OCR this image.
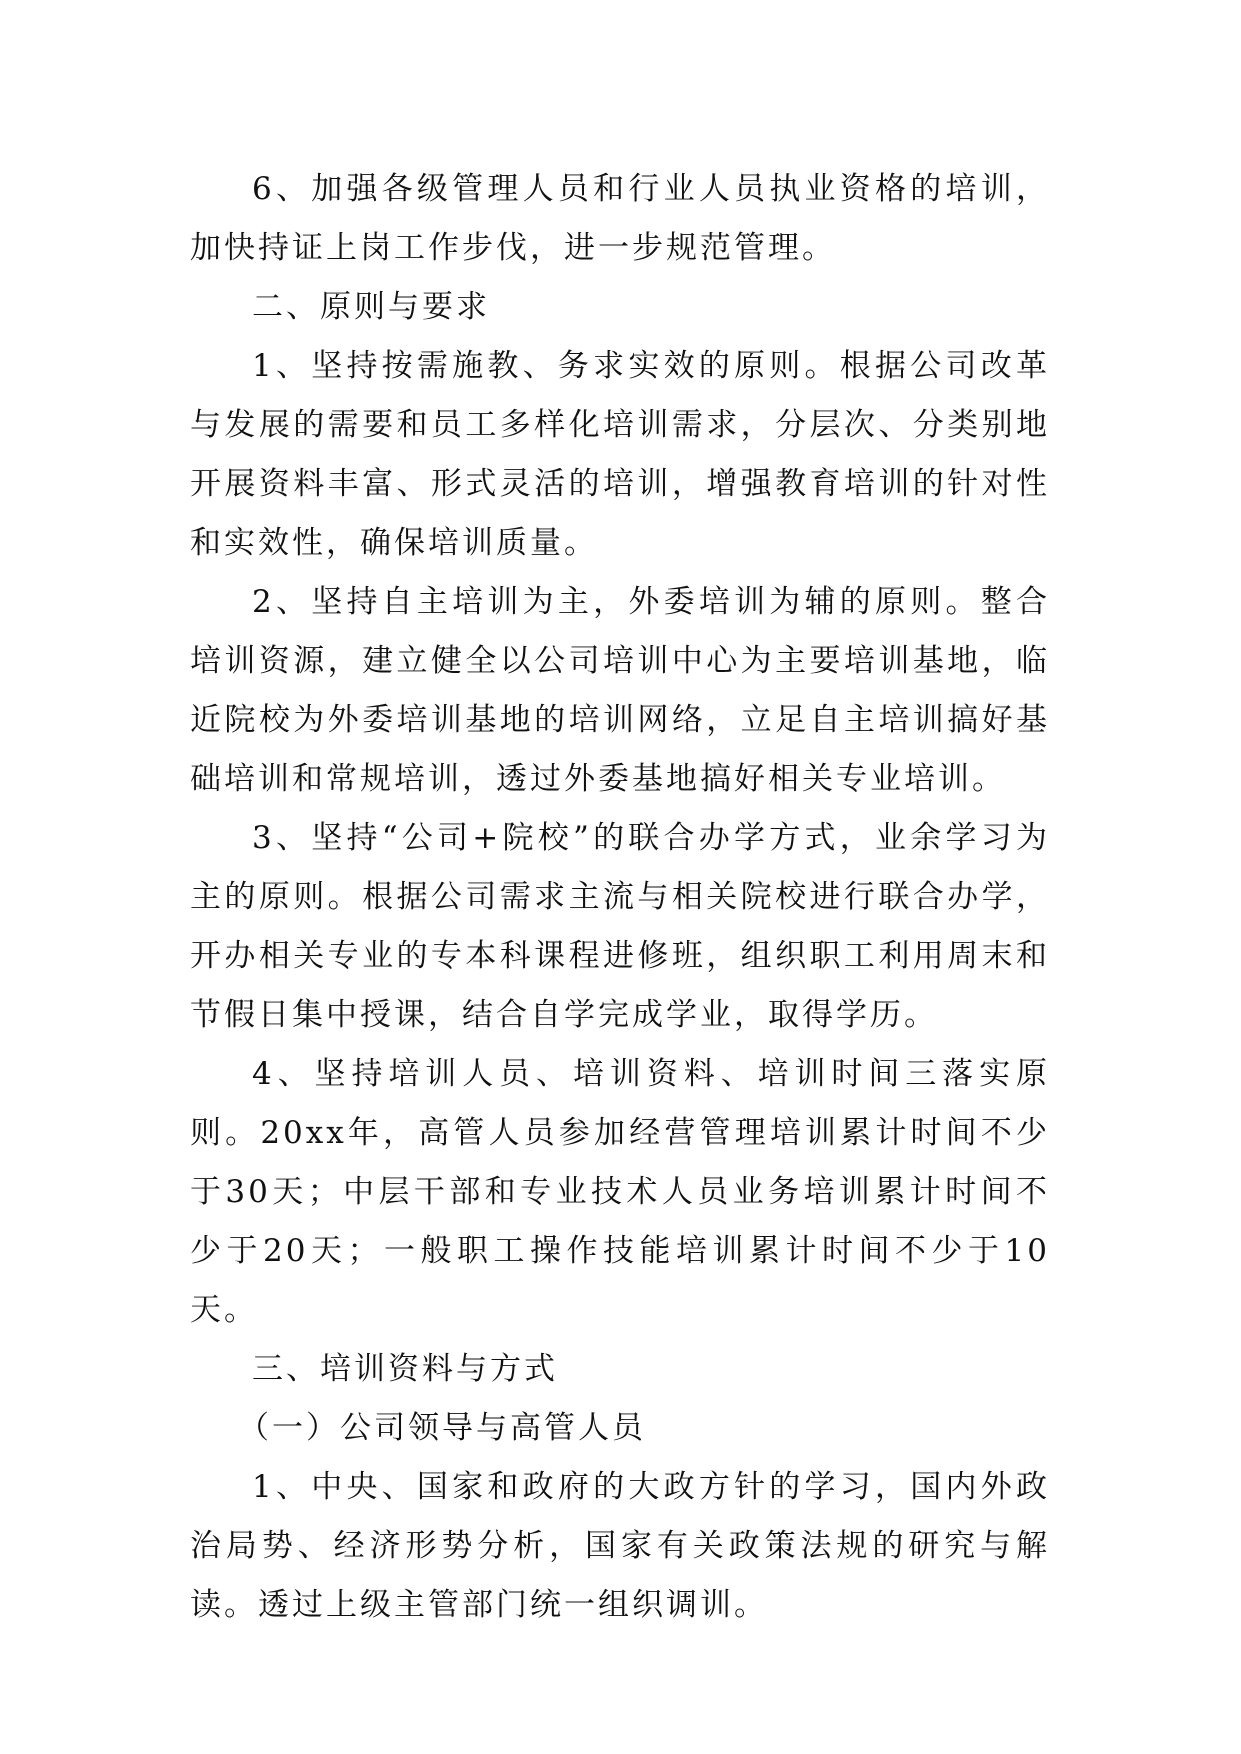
6、加强各级管理人员和行业人员执业资格的培训，加快持证上岗工作步伐，进一步规范管理。

二、原则与要求

1、坚持按需施教、务求实效的原则。根据公司改革与发展的需要和员工多样化培训需求，分层次、分类别地开展资料丰富、形式灵活的培训，增强教育培训的针对性和实效性，确保培训质量。

2、坚持自主培训为主，外委培训为辅的原则。整合培训资源，建立健全以公司培训中心为主要培训基地，临近院校为外委培训基地的培训网络，立足自主培训搞好基础培训和常规培训，透过外委基地搞好相关专业培训。

3、坚持“公司+院校”的联合办学方式，业余学习为主的原则。根据公司需求主流与相关院校进行联合办学，开办相关专业的专本科课程进修班，组织职工利用周末和节假日集中授课，结合自学完成学业，取得学历。

4、坚持培训人员、培训资料、培训时间三落实原则。20xx年，高管人员参加经营管理培训累计时间不少于30天；中层干部和专业技术人员业务培训累计时间不少于20天；一般职工操作技能培训累计时间不少于10天。

三、培训资料与方式

（一）公司领导与高管人员

1、中央、国家和政府的大政方针的学习，国内外政治局势、经济形势分析，国家有关政策法规的研究与解读。透过上级主管部门统一组织调训。
